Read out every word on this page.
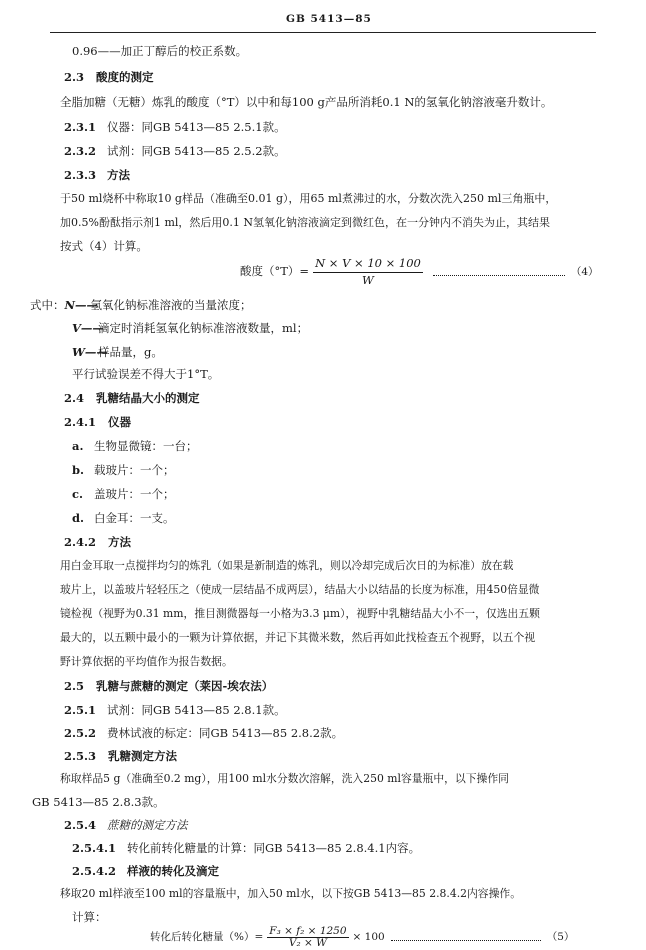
GB 5413—85
0.96——加正丁醇后的校正系数。
2.3 酸度的测定
全脂加糖（无糖）炼乳的酸度（°T）以中和每100 g产品所消耗0.1 N的氢氧化钠溶液毫升数计。
2.3.1 仪器：同GB 5413—85 2.5.1款。
2.3.2 试剂：同GB 5413—85 2.5.2款。
2.3.3 方法
于50 ml烧杯中称取10 g样品（准确至0.01 g），用65 ml煮沸过的水，分数次洗入250 ml三角瓶中，
加0.5%酚酞指示剂1 ml，然后用0.1 N氢氧化钠溶液滴定到微红色，在一分钟内不消失为止，其结果
按式（4）计算。
酸度$(^\circ T)= \frac{N \times V \times 10 \times 100}{W}$	（4）
式中：N——氢氧化钠标准溶液的当量浓度；
V——滴定时消耗氢氧化钠标准溶液数量，ml；
W——样品量，g。
平行试验误差不得大于1°T。
2.4 乳糖结晶大小的测定
2.4.1 仪器
a. 生物显微镜：一台；
b. 载玻片：一个；
c. 盖玻片：一个；
d. 白金耳：一支。
2.4.2 方法
用白金耳取一点搅拌均匀的炼乳（如果是新制造的炼乳，则以冷却完成后次日的为标准）放在载
玻片上，以盖玻片轻轻压之（使成一层结晶不成两层），结晶大小以结晶的长度为标准，用450倍显微
镜检视（视野为0.31 mm，推目测微器每一小格为3.3 μm），视野中乳糖结晶大小不一，仅选出五颗
最大的，以五颗中最小的一颗为计算依据，并记下其微米数，然后再如此找检查五个视野，以五个视
野计算依据的平均值作为报告数据。
2.5 乳糖与蔗糖的测定（莱因-埃农法）
2.5.1 试剂：同GB 5413—85 2.8.1款。
2.5.2 费林试液的标定：同GB 5413—85 2.8.2款。
2.5.3 乳糖测定方法
称取样品5 g（准确至0.2 mg），用100 ml水分数次溶解，洗入250 ml容量瓶中，以下操作同
GB 5413—85 2.8.3款。
2.5.4 蔗糖的测定方法
2.5.4.1 转化前转化糖量的计算：同GB 5413—85 2.8.4.1内容。
2.5.4.2 样液的转化及滴定
移取20 ml样液至100 ml的容量瓶中，加入50 ml水，以下按GB 5413—85 2.8.4.2内容操作。
计算：
转化后转化糖量（%）= $\frac{\text{F₃ × f₂ × 1250}}{\text{V₂ × W}} \times 100$	（5）
